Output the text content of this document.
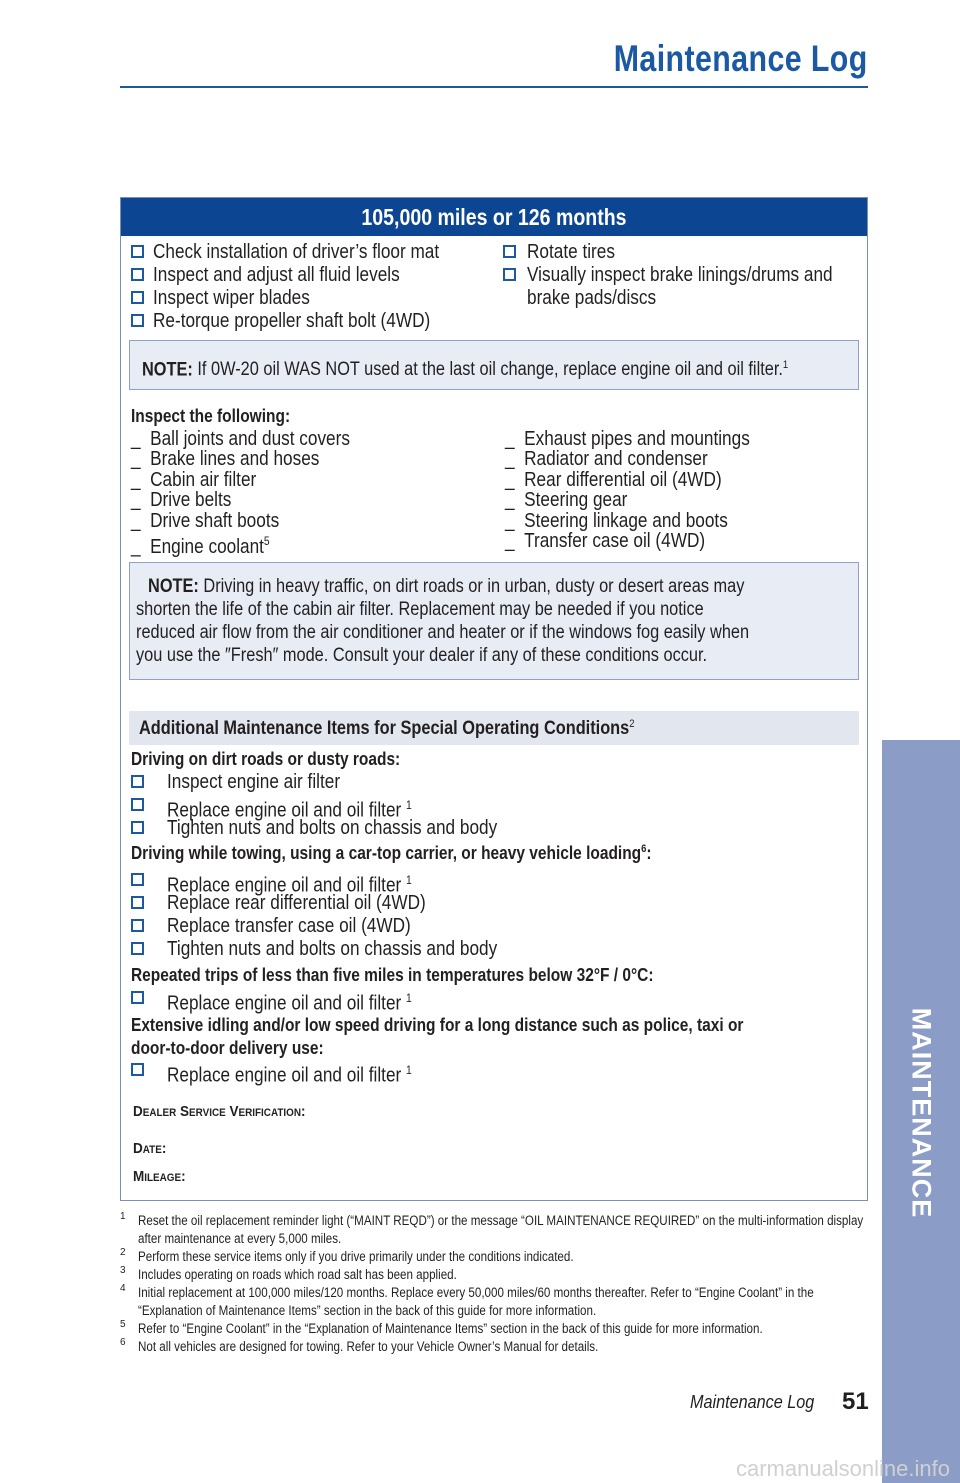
Maintenance Log
105,000 miles or 126 months
Check installation of driver’s floor mat
Inspect and adjust all fluid levels
Inspect wiper blades
Re-torque propeller shaft bolt (4WD)
Rotate tires
Visually inspect brake linings/drums and
brake pads/discs
NOTE: If 0W-20 oil WAS NOT used at the last oil change, replace engine oil and oil filter.$^1$
Inspect the following:
_ Ball joints and dust covers
_ Brake lines and hoses
_ Cabin air filter
_ Drive belts
_ Drive shaft boots
_ Engine coolant$^5$
_ Exhaust pipes and mountings
_ Radiator and condenser
_ Rear differential oil (4WD)
_ Steering gear
_ Steering linkage and boots
_ Transfer case oil (4WD)
NOTE: Driving in heavy traffic, on dirt roads or in urban, dusty or desert areas may
shorten the life of the cabin air filter. Replacement may be needed if you notice
reduced air flow from the air conditioner and heater or if the windows fog easily when
you use the ″Fresh″ mode. Consult your dealer if any of these conditions occur.
Additional Maintenance Items for Special Operating Conditions$^2$
Driving on dirt roads or dusty roads:
Inspect engine air filter
Replace engine oil and oil filter $^1$
Tighten nuts and bolts on chassis and body
Driving while towing, using a car-top carrier, or heavy vehicle loading$^6$:
Replace engine oil and oil filter $^1$
Replace rear differential oil (4WD)
Replace transfer case oil (4WD)
Tighten nuts and bolts on chassis and body
Repeated trips of less than five miles in temperatures below 32°F / 0°C:
Replace engine oil and oil filter $^1$
Extensive idling and/or low speed driving for a long distance such as police, taxi or
door-to-door delivery use:
Replace engine oil and oil filter $^1$
Dealer Service Verification:
Date:
Mileage:
1 Reset the oil replacement reminder light (“MAINT REQD”) or the message “OIL MAINTENANCE REQUIRED” on the multi-information display after maintenance at every 5,000 miles.
2 Perform these service items only if you drive primarily under the conditions indicated.
3 Includes operating on roads which road salt has been applied.
4 Initial replacement at 100,000 miles/120 months. Replace every 50,000 miles/60 months thereafter. Refer to “Engine Coolant” in the “Explanation of Maintenance Items” section in the back of this guide for more information.
5 Refer to “Engine Coolant” in the “Explanation of Maintenance Items” section in the back of this guide for more information.
6 Not all vehicles are designed for towing. Refer to your Vehicle Owner’s Manual for details.
MAINTENANCE
Maintenance Log	51
carmanualsonline.info
